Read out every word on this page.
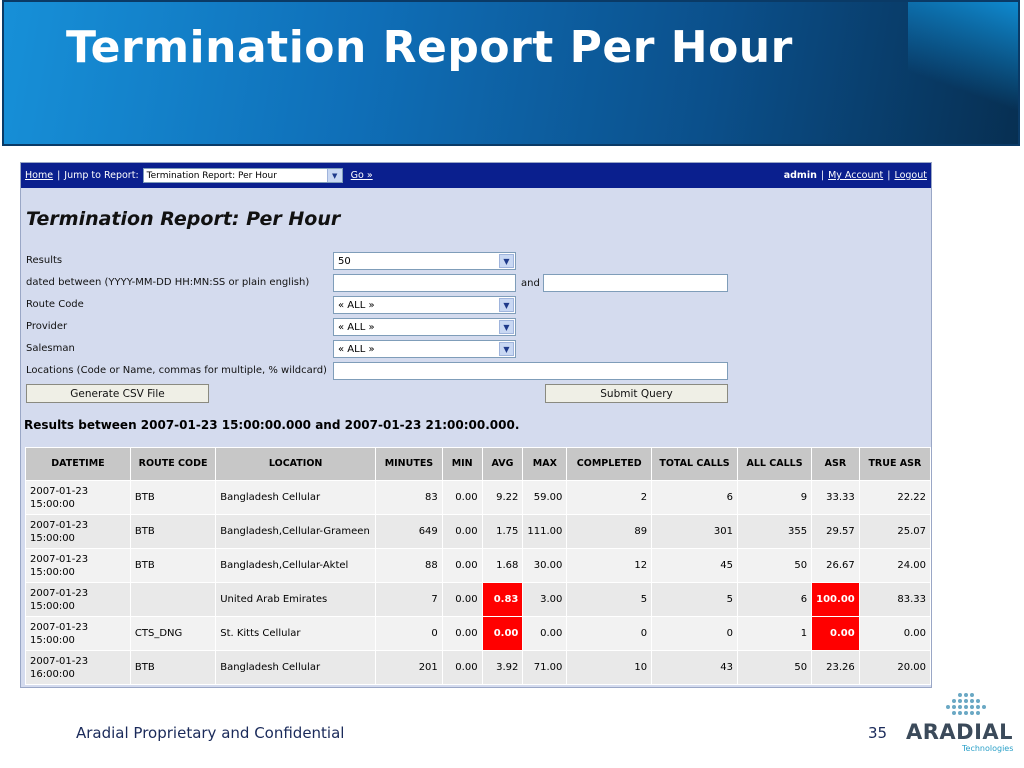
Termination Report Per Hour
Home | Jump to Report: Termination Report: Per Hour	▼	Go »	admin | My Account | Logout
Termination Report: Per Hour
Results	50	▼
dated between (YYYY-MM-DD HH:MN:SS or plain english)	and
Route Code	« ALL »	▼
Provider	« ALL »	▼
Salesman	« ALL »	▼
Locations (Code or Name, commas for multiple, % wildcard)
Generate CSV File	Submit Query
Results between 2007-01-23 15:00:00.000 and 2007-01-23 21:00:00.000.
DATETIME	ROUTE CODE	LOCATION	MINUTES	MIN	AVG	MAX	COMPLETED	TOTAL CALLS	ALL CALLS	ASR	TRUE ASR

2007-01-23
15:00:00	BTB	Bangladesh Cellular	83	0.00	9.22	59.00	2	6	9	33.33	22.22

2007-01-23
15:00:00	BTB	Bangladesh,Cellular-Grameen	649	0.00	1.75	111.00	89	301	355	29.57	25.07

2007-01-23
15:00:00	BTB	Bangladesh,Cellular-Aktel	88	0.00	1.68	30.00	12	45	50	26.67	24.00

2007-01-23
15:00:00		United Arab Emirates	7	0.00	0.83	3.00	5	5	6	100.00	83.33

2007-01-23
15:00:00	CTS_DNG	St. Kitts Cellular	0	0.00	0.00	0.00	0	0	1	0.00	0.00

2007-01-23
16:00:00	BTB	Bangladesh Cellular	201	0.00	3.92	71.00	10	43	50	23.26	20.00
Aradial Proprietary and Confidential	35 ARADIAL
Technologies
